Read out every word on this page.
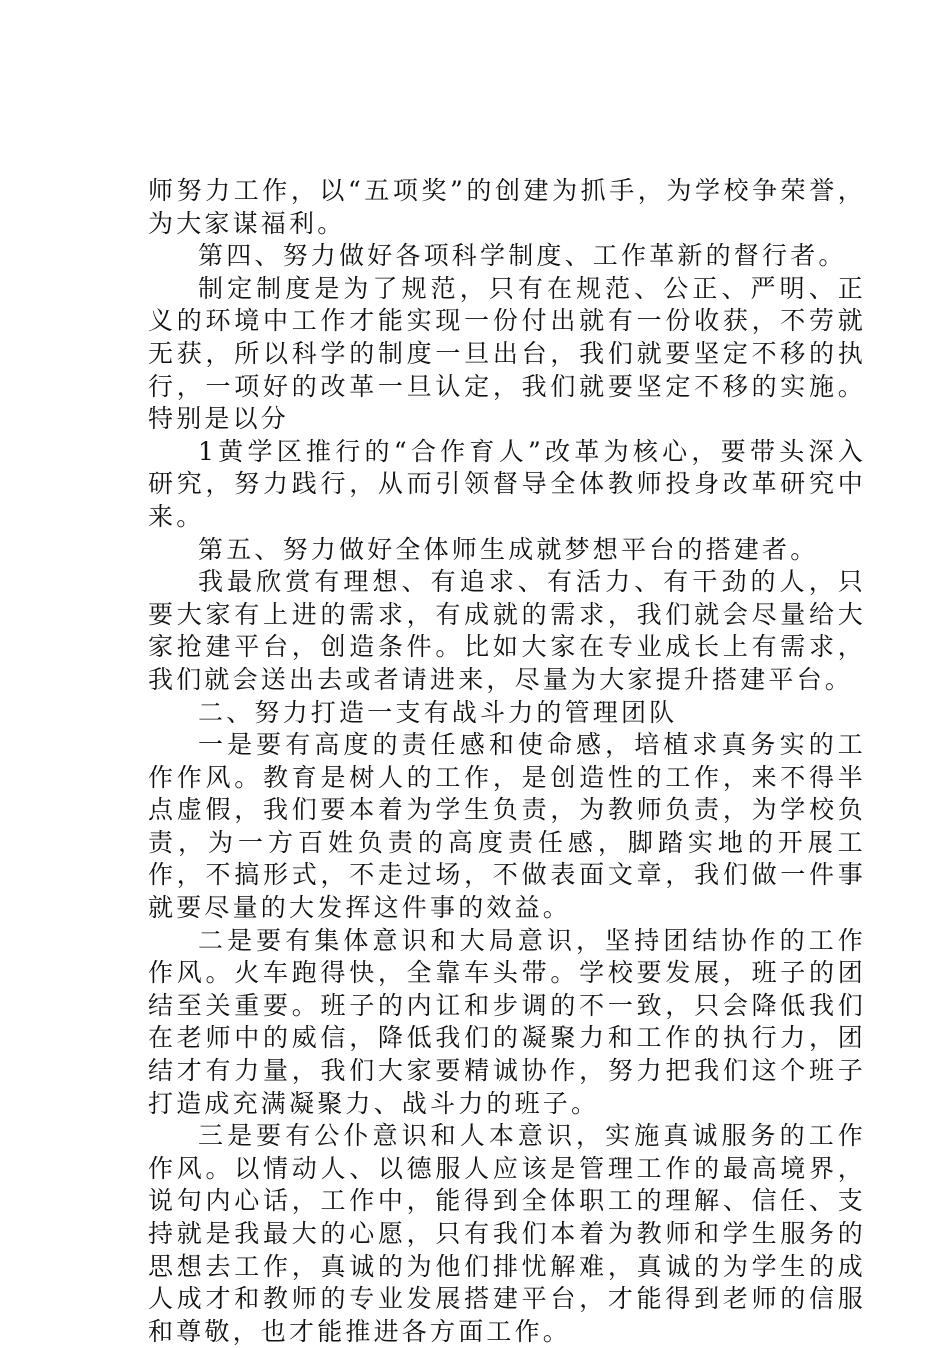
师努力工作，以“五项奖”的创建为抓手，为学校争荣誉，为大家谋福利。

第四、努力做好各项科学制度、工作革新的督行者。

制定制度是为了规范，只有在规范、公正、严明、正义的环境中工作才能实现一份付出就有一份收获，不劳就无获，所以科学的制度一旦出台，我们就要坚定不移的执行，一项好的改革一旦认定，我们就要坚定不移的实施。特别是以分

1黄学区推行的“合作育人”改革为核心，要带头深入研究，努力践行，从而引领督导全体教师投身改革研究中来。

第五、努力做好全体师生成就梦想平台的搭建者。

我最欣赏有理想、有追求、有活力、有干劲的人，只要大家有上进的需求，有成就的需求，我们就会尽量给大家抢建平台，创造条件。比如大家在专业成长上有需求，我们就会送出去或者请进来，尽量为大家提升搭建平台。

二、努力打造一支有战斗力的管理团队

一是要有高度的责任感和使命感，培植求真务实的工作作风。教育是树人的工作，是创造性的工作，来不得半点虚假，我们要本着为学生负责，为教师负责，为学校负责，为一方百姓负责的高度责任感，脚踏实地的开展工作，不搞形式，不走过场，不做表面文章，我们做一件事就要尽量的大发挥这件事的效益。

二是要有集体意识和大局意识，坚持团结协作的工作作风。火车跑得快，全靠车头带。学校要发展，班子的团结至关重要。班子的内讧和步调的不一致，只会降低我们在老师中的威信，降低我们的凝聚力和工作的执行力，团结才有力量，我们大家要精诚协作，努力把我们这个班子打造成充满凝聚力、战斗力的班子。

三是要有公仆意识和人本意识，实施真诚服务的工作作风。以情动人、以德服人应该是管理工作的最高境界，说句内心话，工作中，能得到全体职工的理解、信任、支持就是我最大的心愿，只有我们本着为教师和学生服务的思想去工作，真诚的为他们排忧解难，真诚的为学生的成人成才和教师的专业发展搭建平台，才能得到老师的信服和尊敬，也才能推进各方面工作。
